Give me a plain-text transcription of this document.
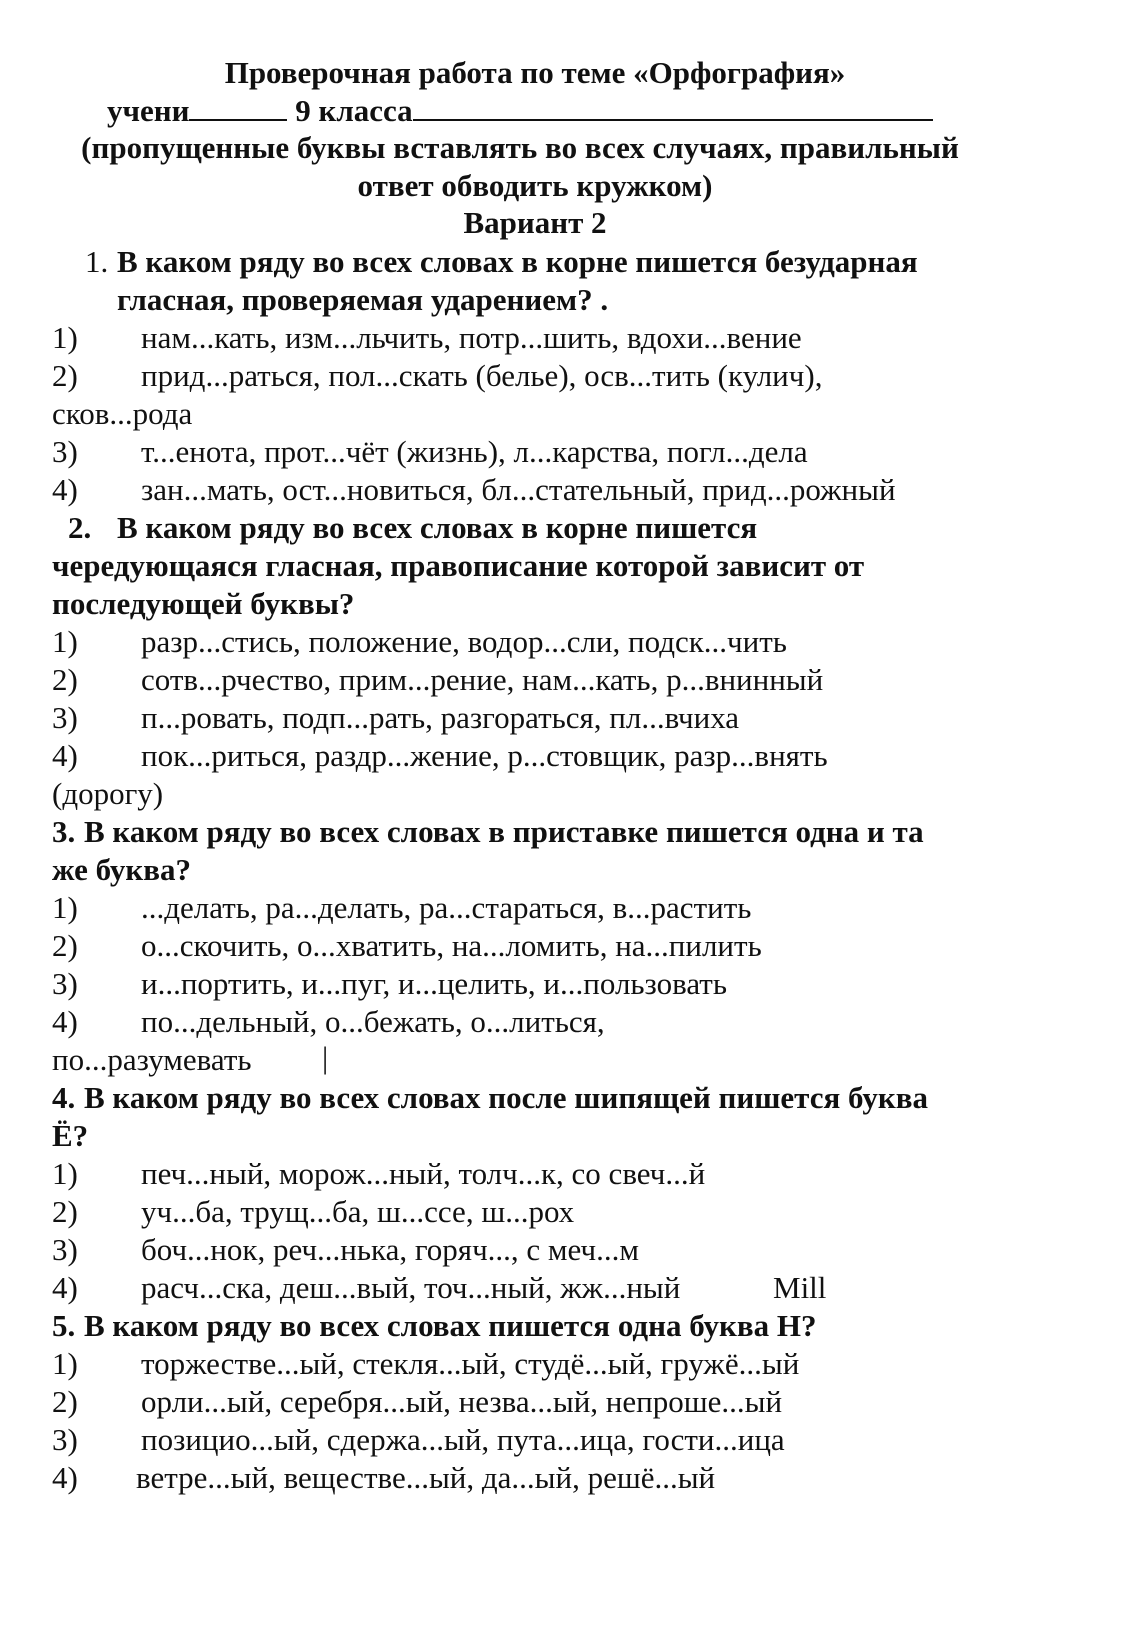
Проверочная работа по теме «Орфография»

учени	9 класса

(пропущенные буквы вставлять во всех случаях, правильный

ответ обводить кружком)

Вариант 2

1. В каком ряду во всех словах в корне пишется безударная

гласная, проверяемая ударением? .

1) нам...кать, изм...льчить, потр...шить, вдохи...вение

2) прид...раться, пол...скать (белье), осв...тить (кулич),

сков...рода

3) т...енота, прот...чёт (жизнь), л...карства, погл...дела

4) зан...мать, ост...новиться, бл...стательный, прид...рожный

2. В каком ряду во всех словах в корне пишется

чередующаяся гласная, правописание которой зависит от

последующей буквы?

1) разр...стись, положение, водор...сли, подск...чить

2) сотв...рчество, прим...рение, нам...кать, р...внинный

3) п...ровать, подп...рать, разгораться, пл...вчиха

4) пок...риться, раздр...жение, р...стовщик, разр...внять

(дорогу)

3. В каком ряду во всех словах в приставке пишется одна и та

же буква?

1) ...делать, ра...делать, ра...стараться, в...растить

2) о...скочить, о...хватить, на...ломить, на...пилить

3) и...портить, и...пуг, и...целить, и...пользовать

4) по...дельный, о...бежать, о...литься,

по...разумевать |

4. В каком ряду во всех словах после шипящей пишется буква

Ё?

1) печ...ный, морож...ный, толч...к, со свеч...й

2) уч...ба, трущ...ба, ш...ссе, ш...рох

3) боч...нок, реч...нька, горяч..., с меч...м

4) расч...ска, деш...вый, точ...ный, жж...ный	Mill

5. В каком ряду во всех словах пишется одна буква Н?

1) торжестве...ый, стекля...ый, студё...ый, гружё...ый

2) орли...ый, серебря...ый, незва...ый, непроше...ый

3) позицио...ый, сдержа...ый, пута...ица, гости...ица

4) ветре...ый, веществе...ый, да...ый, решё...ый
